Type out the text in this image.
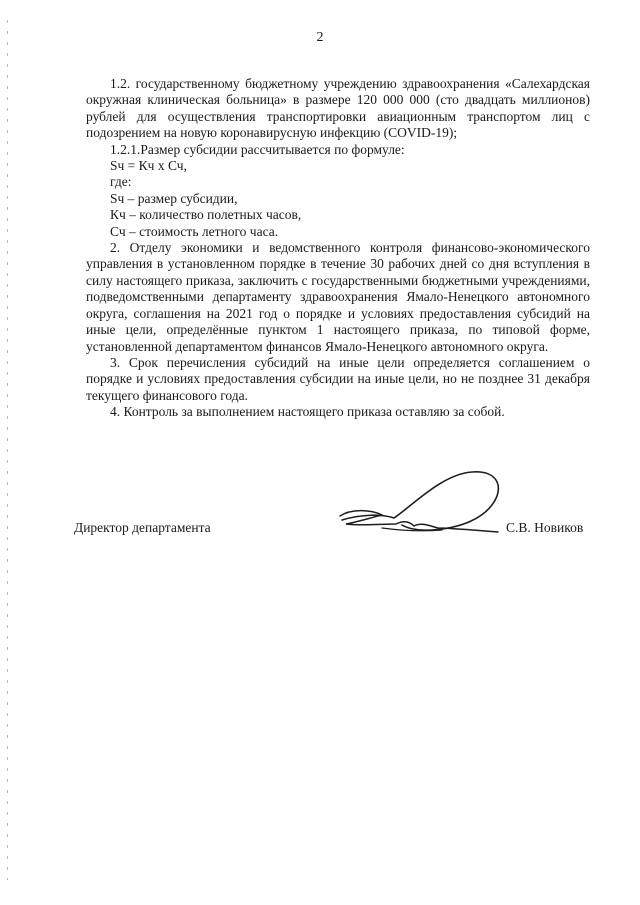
2

1.2. государственному бюджетному учреждению здравоохранения «Салехардская окружная клиническая больница» в размере 120 000 000 (сто двадцать миллионов) рублей для осуществления транспортировки авиационным транспортом лиц с подозрением на новую коронавирусную инфекцию (COVID-19);

1.2.1.Размер субсидии рассчитывается по формуле:

Sч = Кч х Сч,

где:

Sч – размер субсидии,

Кч – количество полетных часов,

Сч – стоимость летного часа.

2. Отделу экономики и ведомственного контроля финансово-экономического управления в установленном порядке в течение 30 рабочих дней со дня вступления в силу настоящего приказа, заключить с государственными бюджетными учреждениями, подведомственными департаменту здравоохранения Ямало-Ненецкого автономного округа, соглашения на 2021 год о порядке и условиях предоставления субсидий на иные цели, определённые пунктом 1 настоящего приказа, по типовой форме, установленной департаментом финансов Ямало-Ненецкого автономного округа.

3. Срок перечисления субсидий на иные цели определяется соглашением о порядке и условиях предоставления субсидии на иные цели, но не позднее 31 декабря текущего финансового года.

4. Контроль за выполнением настоящего приказа оставляю за собой.

Директор департамента	С.В. Новиков
